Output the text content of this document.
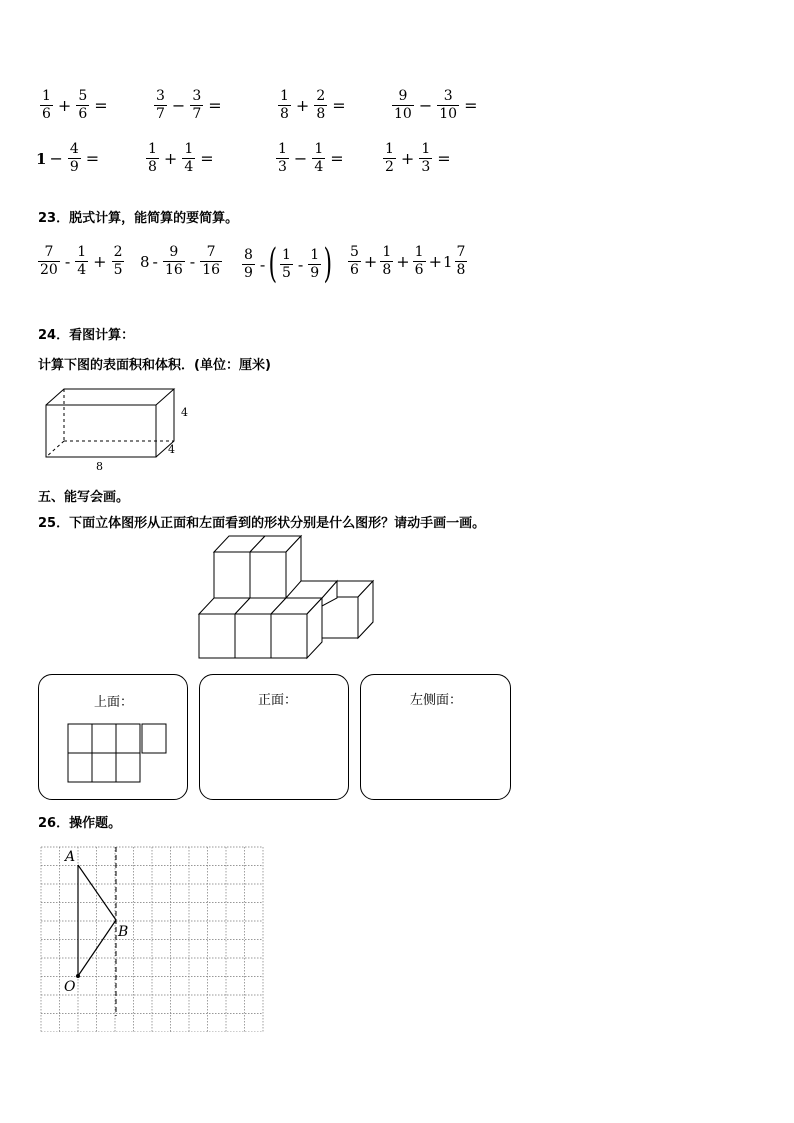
$\frac{1}{6} + \frac{5}{6}$ =	$\frac{3}{7} - \frac{3}{7}$ =	$\frac{1}{8} + \frac{2}{8}$ =	$\frac{9}{10} - \frac{3}{10}$ =
$1 - \frac{4}{9}$ =	$\frac{1}{8} + \frac{1}{4}$ =	$\frac{1}{3} - \frac{1}{4}$ =	$\frac{1}{2} + \frac{1}{3}$ =
23．脱式计算，能简算的要简算。
$\frac{7}{20} - \frac{1}{4} + \frac{2}{5} 8 - \frac{9}{16} - \frac{7}{16} \frac{8}{9}$ - ( $\frac{1}{5} - \frac{1}{9}$ ) $\frac{5}{6} + \frac{1}{8} + \frac{1}{6} + 1 \frac{7}{8}$
24．看图计算：
计算下图的表面积和体积．(单位：厘米)
4
4
8
五、能写会画。
25．下面立体图形从正面和左面看到的形状分别是什么图形？请动手画一画。
上面：	正面：	左侧面：
26．操作题。
A
B
O
